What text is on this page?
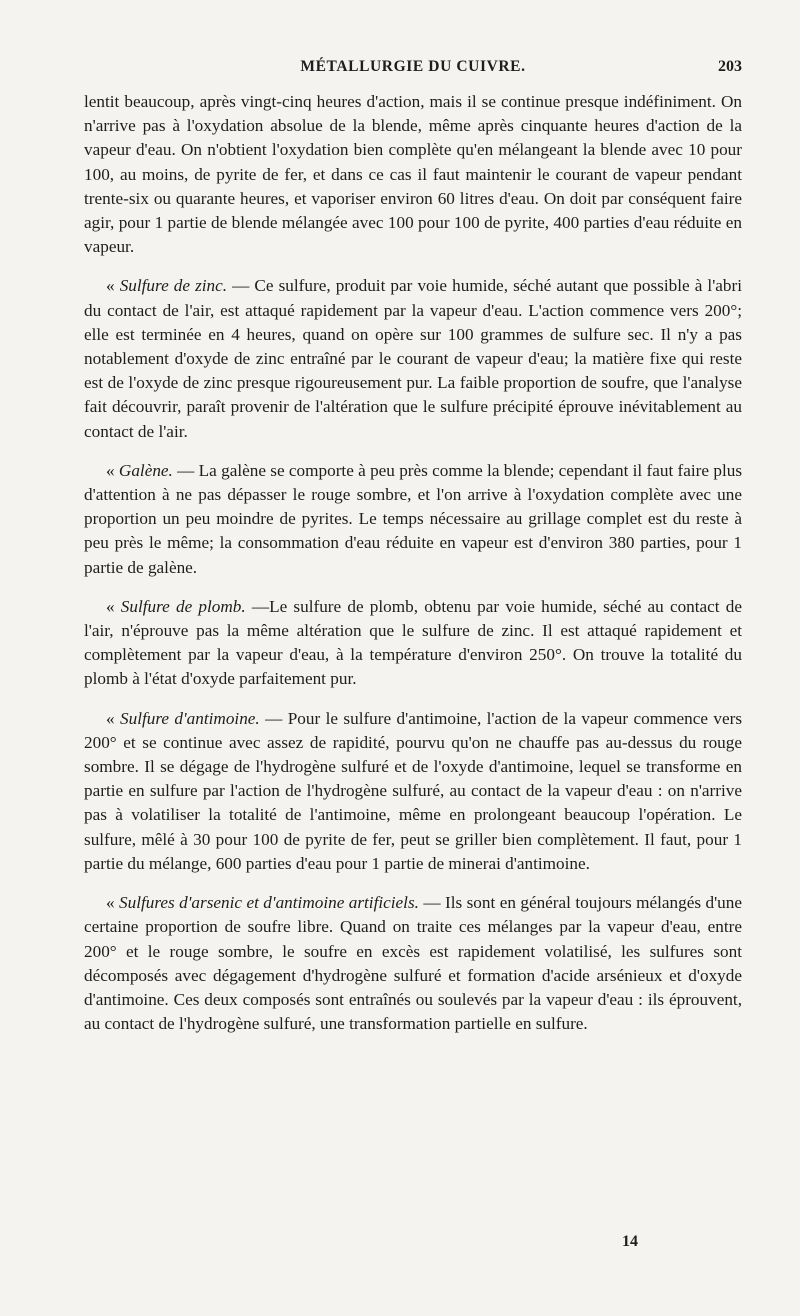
MÉTALLURGIE DU CUIVRE.	203

lentit beaucoup, après vingt-cinq heures d'action, mais il se continue presque indéfiniment. On n'arrive pas à l'oxydation absolue de la blende, même après cinquante heures d'action de la vapeur d'eau. On n'obtient l'oxydation bien complète qu'en mélangeant la blende avec 10 pour 100, au moins, de pyrite de fer, et dans ce cas il faut maintenir le courant de vapeur pendant trente-six ou quarante heures, et vaporiser environ 60 litres d'eau. On doit par conséquent faire agir, pour 1 partie de blende mélangée avec 100 pour 100 de pyrite, 400 parties d'eau réduite en vapeur.

« Sulfure de zinc. — Ce sulfure, produit par voie humide, séché autant que possible à l'abri du contact de l'air, est attaqué rapidement par la vapeur d'eau. L'action commence vers 200°; elle est terminée en 4 heures, quand on opère sur 100 grammes de sulfure sec. Il n'y a pas notablement d'oxyde de zinc entraîné par le courant de vapeur d'eau; la matière fixe qui reste est de l'oxyde de zinc presque rigoureusement pur. La faible proportion de soufre, que l'analyse fait découvrir, paraît provenir de l'altération que le sulfure précipité éprouve inévitablement au contact de l'air.

« Galène. — La galène se comporte à peu près comme la blende; cependant il faut faire plus d'attention à ne pas dépasser le rouge sombre, et l'on arrive à l'oxydation complète avec une proportion un peu moindre de pyrites. Le temps nécessaire au grillage complet est du reste à peu près le même; la consommation d'eau réduite en vapeur est d'environ 380 parties, pour 1 partie de galène.

« Sulfure de plomb. —Le sulfure de plomb, obtenu par voie humide, séché au contact de l'air, n'éprouve pas la même altération que le sulfure de zinc. Il est attaqué rapidement et complètement par la vapeur d'eau, à la température d'environ 250°. On trouve la totalité du plomb à l'état d'oxyde parfaitement pur.

« Sulfure d'antimoine. — Pour le sulfure d'antimoine, l'action de la vapeur commence vers 200° et se continue avec assez de rapidité, pourvu qu'on ne chauffe pas au-dessus du rouge sombre. Il se dégage de l'hydrogène sulfuré et de l'oxyde d'antimoine, lequel se transforme en partie en sulfure par l'action de l'hydrogène sulfuré, au contact de la vapeur d'eau : on n'arrive pas à volatiliser la totalité de l'antimoine, même en prolongeant beaucoup l'opération. Le sulfure, mêlé à 30 pour 100 de pyrite de fer, peut se griller bien complètement. Il faut, pour 1 partie du mélange, 600 parties d'eau pour 1 partie de minerai d'antimoine.

« Sulfures d'arsenic et d'antimoine artificiels. — Ils sont en général toujours mélangés d'une certaine proportion de soufre libre. Quand on traite ces mélanges par la vapeur d'eau, entre 200° et le rouge sombre, le soufre en excès est rapidement volatilisé, les sulfures sont décomposés avec dégagement d'hydrogène sulfuré et formation d'acide arsénieux et d'oxyde d'antimoine. Ces deux composés sont entraînés ou soulevés par la vapeur d'eau : ils éprouvent, au contact de l'hydrogène sulfuré, une transformation partielle en sulfure.

14
